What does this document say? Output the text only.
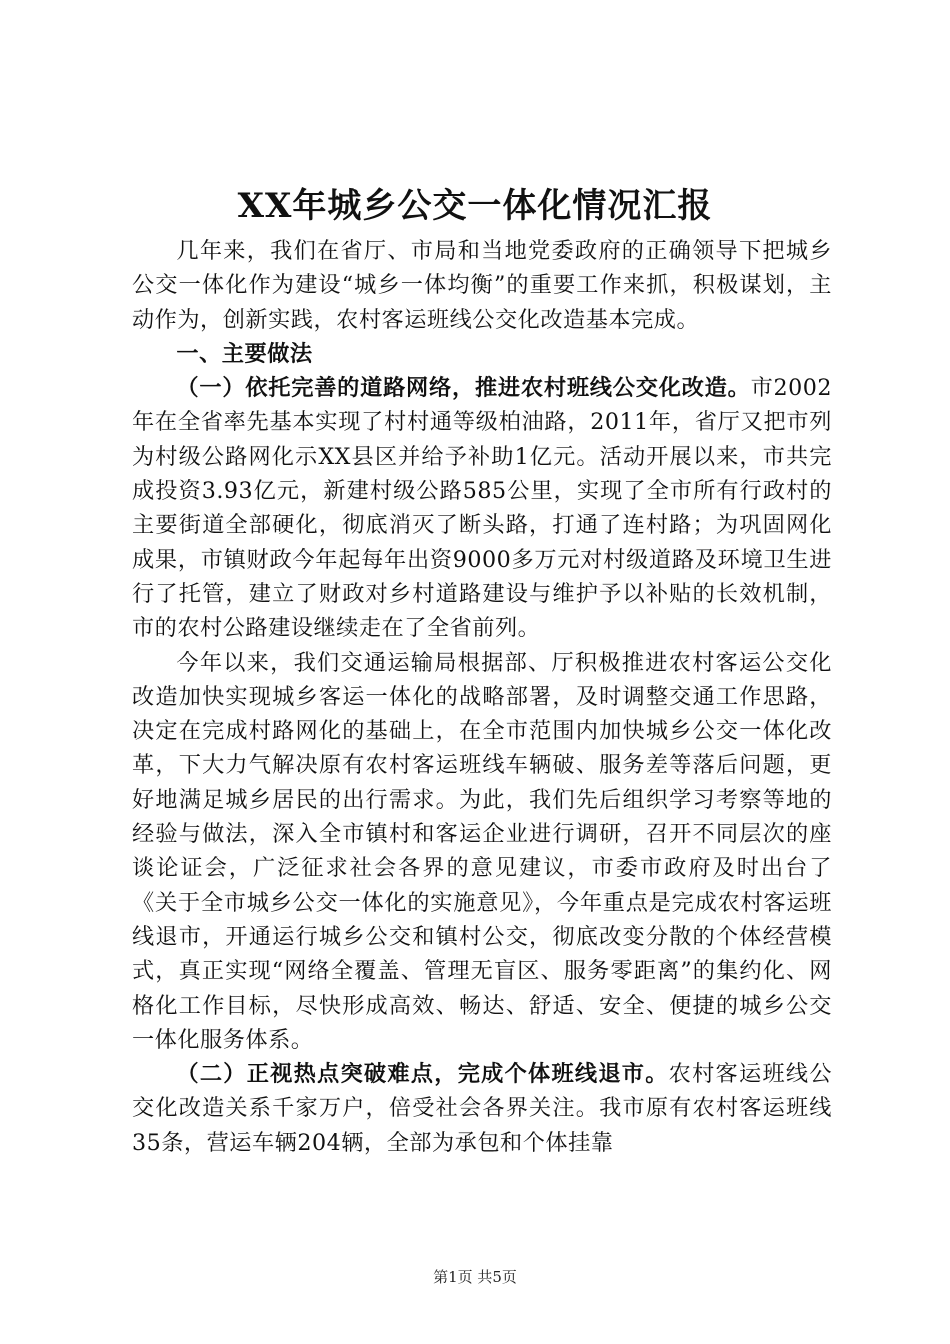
XX年城乡公交一体化情况汇报

几年来，我们在省厅、市局和当地党委政府的正确领导下把城乡公交一体化作为建设“城乡一体均衡”的重要工作来抓，积极谋划，主动作为，创新实践，农村客运班线公交化改造基本完成。

一、主要做法

（一）依托完善的道路网络，推进农村班线公交化改造。市2002年在全省率先基本实现了村村通等级柏油路，2011年，省厅又把市列为村级公路网化示XX县区并给予补助1亿元。活动开展以来，市共完成投资3.93亿元，新建村级公路585公里，实现了全市所有行政村的主要街道全部硬化，彻底消灭了断头路，打通了连村路；为巩固网化成果，市镇财政今年起每年出资9000多万元对村级道路及环境卫生进行了托管，建立了财政对乡村道路建设与维护予以补贴的长效机制，市的农村公路建设继续走在了全省前列。

今年以来，我们交通运输局根据部、厅积极推进农村客运公交化改造加快实现城乡客运一体化的战略部署，及时调整交通工作思路，决定在完成村路网化的基础上，在全市范围内加快城乡公交一体化改革，下大力气解决原有农村客运班线车辆破、服务差等落后问题，更好地满足城乡居民的出行需求。为此，我们先后组织学习考察等地的经验与做法，深入全市镇村和客运企业进行调研，召开不同层次的座谈论证会，广泛征求社会各界的意见建议，市委市政府及时出台了《关于全市城乡公交一体化的实施意见》，今年重点是完成农村客运班线退市，开通运行城乡公交和镇村公交，彻底改变分散的个体经营模式，真正实现“网络全覆盖、管理无盲区、服务零距离”的集约化、网格化工作目标，尽快形成高效、畅达、舒适、安全、便捷的城乡公交一体化服务体系。

（二）正视热点突破难点，完成个体班线退市。农村客运班线公交化改造关系千家万户，倍受社会各界关注。我市原有农村客运班线35条，营运车辆204辆，全部为承包和个体挂靠

第1页 共5页
